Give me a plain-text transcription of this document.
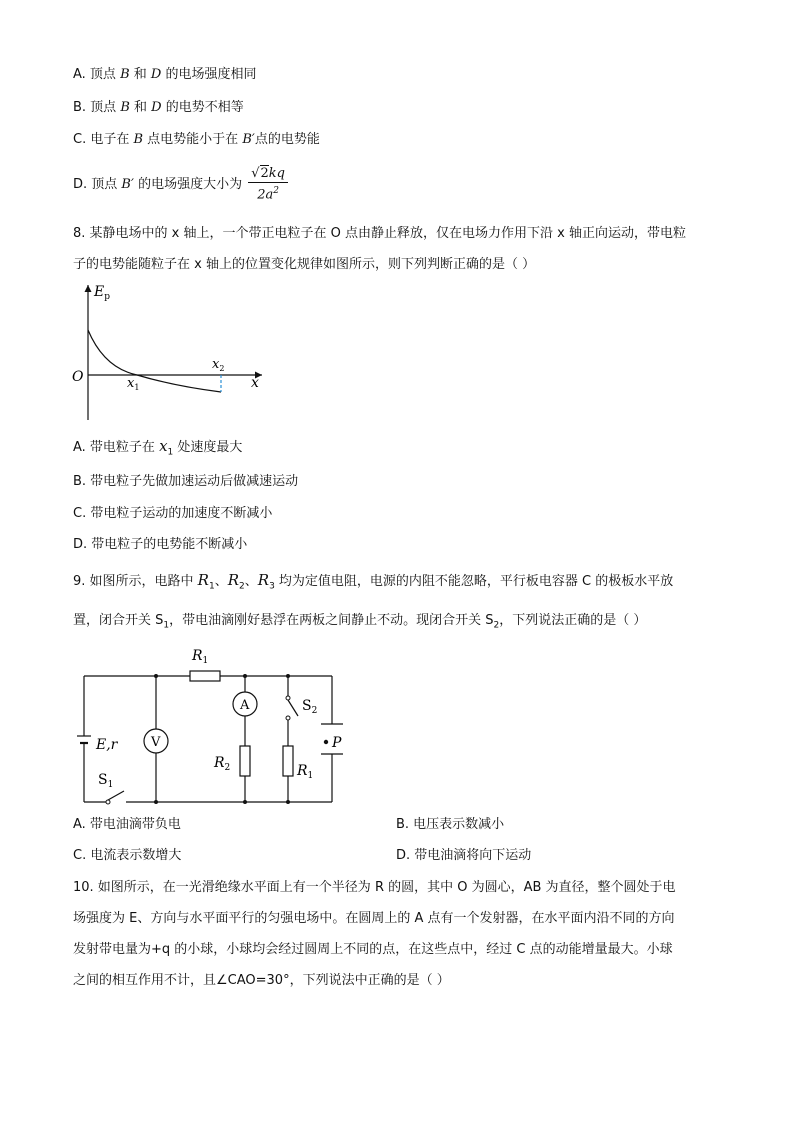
A. 顶点 B 和 D 的电场强度相同
B. 顶点 B 和 D 的电势不相等
C. 电子在 B 点电势能小于在 B′点的电势能
D. 顶点 B′ 的电场强度大小为 $\frac{√2kq}{2a^2}$
8. 某静电场中的 x 轴上，一个带正电粒子在 O 点由静止释放，仅在电场力作用下沿 x 轴正向运动，带电粒
子的电势能随粒子在 x 轴上的位置变化规律如图所示，则下列判断正确的是（ ）
$E_p$
O	x
$x_1$
$x_2$
A. 带电粒子在 $x_1$ 处速度最大
B. 带电粒子先做加速运动后做减速运动
C. 带电粒子运动的加速度不断减小
D. 带电粒子的电势能不断减小
9. 如图所示，电路中 $R_1$、$R_2$、$R_3$ 均为定值电阻，电源的内阻不能忽略，平行板电容器 C 的极板水平放
置，闭合开关 $S_1$，带电油滴刚好悬浮在两板之间静止不动。现闭合开关 $S_2$，下列说法正确的是（ ）
$R_1$
A
V
E,r
$S_1$
$S_2$
$R_2$	$R_1$
P
A. 带电油滴带负电	B. 电压表示数减小
C. 电流表示数增大	D. 带电油滴将向下运动
10. 如图所示，在一光滑绝缘水平面上有一个半径为 R 的圆，其中 O 为圆心，AB 为直径，整个圆处于电
场强度为 E、方向与水平面平行的匀强电场中。在圆周上的 A 点有一个发射器，在水平面内沿不同的方向
发射带电量为+q 的小球，小球均会经过圆周上不同的点，在这些点中，经过 C 点的动能增量最大。小球
之间的相互作用不计，且∠CAO=30°，下列说法中正确的是（ ）
